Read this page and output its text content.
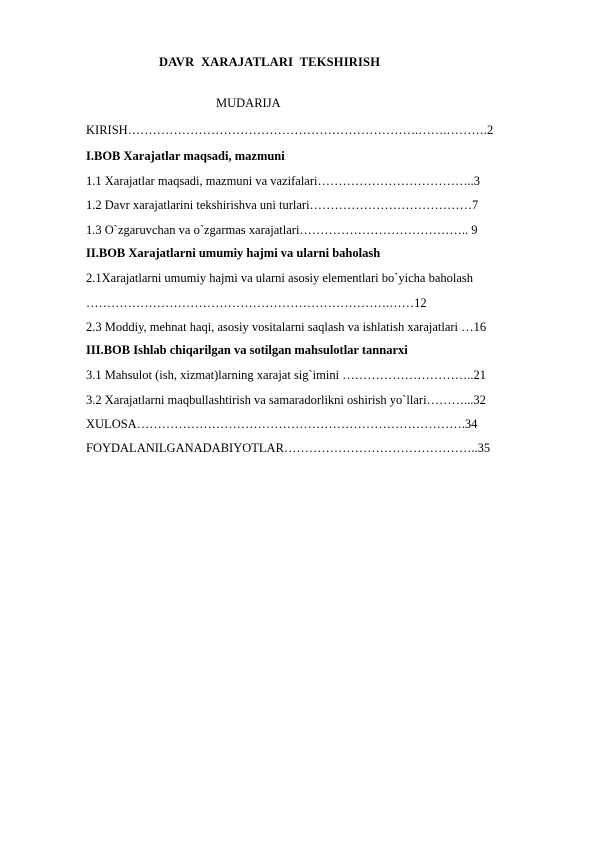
DAVR  XARAJATLARI  TEKSHIRISH
MUDARIJA
KIRISH…………………………………………………………….…….……….2
I.BOB Xarajatlar maqsadi, mazmuni
1.1 Xarajatlar maqsadi, mazmuni va vazifalari………………………………..3
1.2 Davr xarajatlarini tekshirishva uni turlari…………………………………7
1.3 O`zgaruvchan va o`zgarmas xarajatlari………………………………….. 9
II.BOB Xarajatlarni umumiy hajmi va ularni baholash
2.1Xarajatlarni umumiy hajmi va ularni asosiy elementlari bo`yicha baholash
……………………………………………………………….……12
2.3 Moddiy, mehnat haqi, asosiy vositalarni saqlash va ishlatish xarajatlari …16
III.BOB Ishlab chiqarilgan va sotilgan mahsulotlar tannarxi
3.1 Mahsulot (ish, xizmat)larning xarajat sig`imini …………………………..21
3.2 Xarajatlarni maqbullashtirish va samaradorlikni oshirish yo`llari………...32
XULOSA…………………………………………………………………….34
FOYDALANILGANADABIYOTLAR………………………………………..35
